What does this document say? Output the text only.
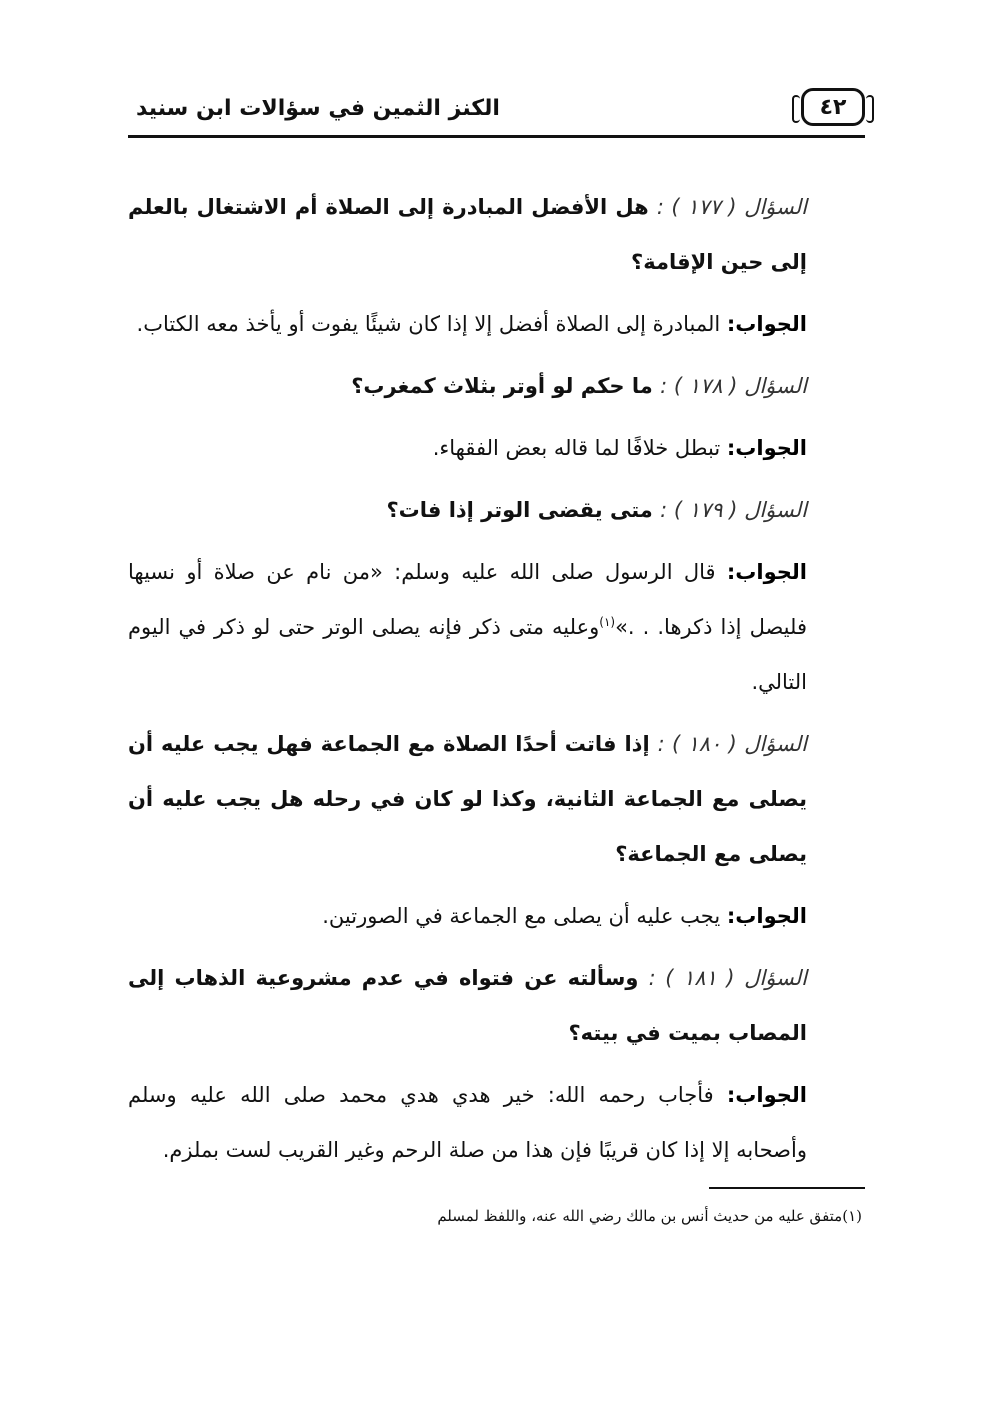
٤٢
الكنز الثمين في سؤالات ابن سنيد

السؤال ( ١٧٧ ) : هل الأفضل المبادرة إلى الصلاة أم الاشتغال بالعلم إلى حين الإقامة؟

الجواب: المبادرة إلى الصلاة أفضل إلا إذا كان شيئًا يفوت أو يأخذ معه الكتاب.

السؤال ( ١٧٨ ) : ما حكم لو أوتر بثلاث كمغرب؟

الجواب: تبطل خلافًا لما قاله بعض الفقهاء.

السؤال ( ١٧٩ ) : متى يقضى الوتر إذا فات؟

الجواب: قال الرسول صلى الله عليه وسلم: «من نام عن صلاة أو نسيها فليصل إذا ذكرها. . .»$^{(١)}$وعليه متى ذكر فإنه يصلى الوتر حتى لو ذكر في اليوم التالي.

السؤال ( ١٨٠ ) : إذا فاتت أحدًا الصلاة مع الجماعة فهل يجب عليه أن يصلى مع الجماعة الثانية، وكذا لو كان في رحله هل يجب عليه أن يصلى مع الجماعة؟

الجواب: يجب عليه أن يصلى مع الجماعة في الصورتين.

السؤال ( ١٨١ ) : وسألته عن فتواه في عدم مشروعية الذهاب إلى المصاب بميت في بيته؟

الجواب: فأجاب رحمه الله: خير هدي هدي محمد صلى الله عليه وسلم وأصحابه إلا إذا كان قريبًا فإن هذا من صلة الرحم وغير القريب لست بملزم.

(١)متفق عليه من حديث أنس بن مالك رضي الله عنه، واللفظ لمسلم
